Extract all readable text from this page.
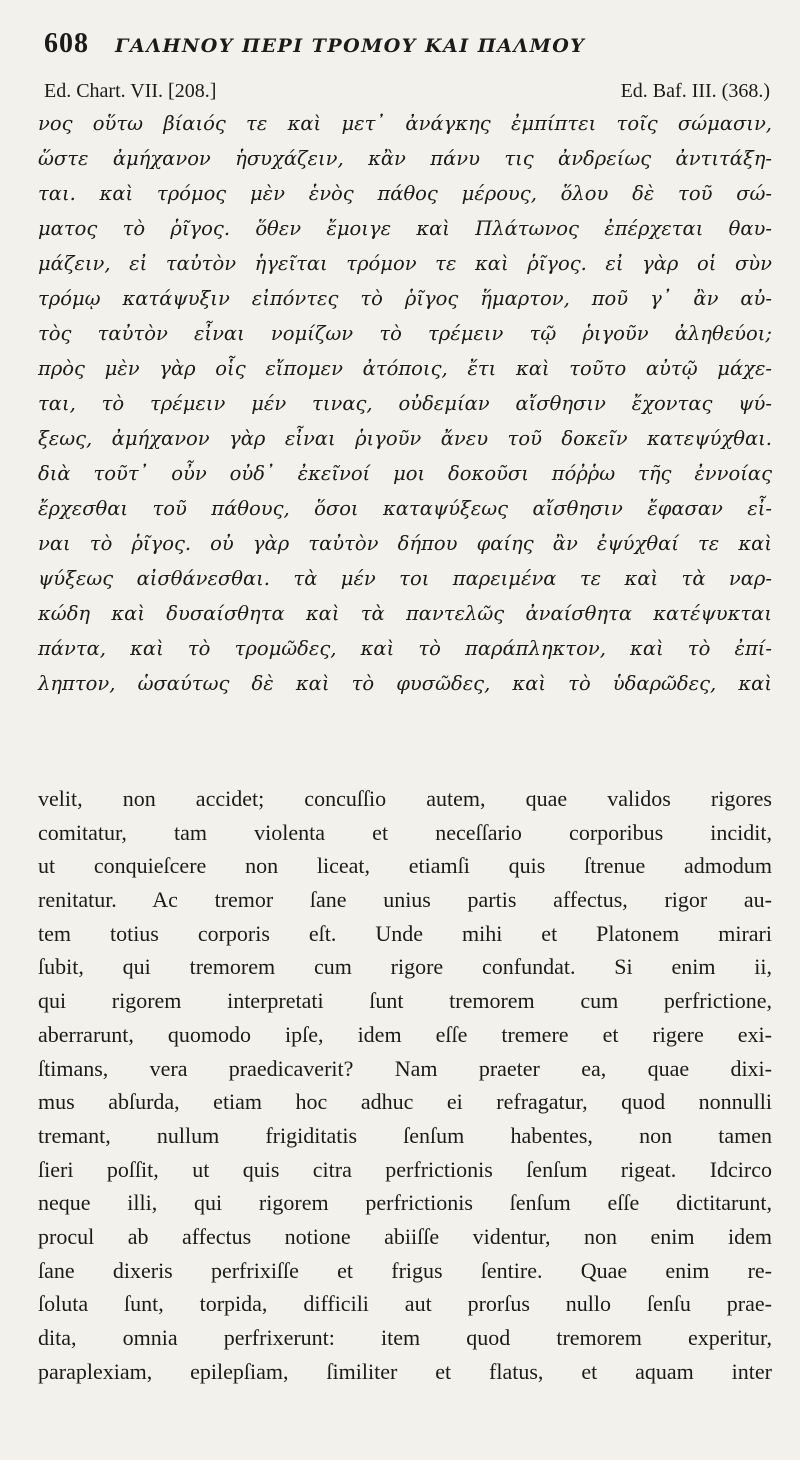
608 ΓΑΛΗΝΟΥ ΠΕΡΙ ΤΡΟΜΟΥ ΚΑΙ ΠΑΛΜΟΥ
Ed. Chart. VII. [208.]	Ed. Baf. III. (368.)
νος οὕτω βίαιός τε καὶ μετ᾽ ἀνάγκης ἐμπίπτει τοῖς σώμασιν,
ὥστε ἀμήχανον ἡσυχάζειν, κἂν πάνυ τις ἀνδρείως ἀντιτάξη-
ται. καὶ τρόμος μὲν ἑνὸς πάθος μέρους, ὅλου δὲ τοῦ σώ-
ματος τὸ ῥῖγος. ὅθεν ἔμοιγε καὶ Πλάτωνος ἐπέρχεται θαυ-
μάζειν, εἰ ταὐτὸν ἡγεῖται τρόμον τε καὶ ῥῖγος. εἰ γὰρ οἱ σὺν
τρόμῳ κατάψυξιν εἰπόντες τὸ ῥῖγος ἥμαρτον, ποῦ γ᾽ ἂν αὐ-
τὸς ταὐτὸν εἶναι νομίζων τὸ τρέμειν τῷ ῥιγοῦν ἀληθεύοι;
πρὸς μὲν γὰρ οἷς εἴπομεν ἀτόποις, ἔτι καὶ τοῦτο αὐτῷ μάχε-
ται, τὸ τρέμειν μέν τινας, οὐδεμίαν αἴσθησιν ἔχοντας ψύ-
ξεως, ἀμήχανον γὰρ εἶναι ῥιγοῦν ἄνευ τοῦ δοκεῖν κατεψύχθαι.
διὰ τοῦτ᾽ οὖν οὐδ᾽ ἐκεῖνοί μοι δοκοῦσι πόῤῥω τῆς ἐννοίας
ἔρχεσθαι τοῦ πάθους, ὅσοι καταψύξεως αἴσθησιν ἔφασαν εἶ-
ναι τὸ ῥῖγος. οὐ γὰρ ταὐτὸν δήπου φαίης ἂν ἐψύχθαί τε καὶ
ψύξεως αἰσθάνεσθαι. τὰ μέν τοι παρειμένα τε καὶ τὰ ναρ-
κώδη καὶ δυσαίσθητα καὶ τὰ παντελῶς ἀναίσθητα κατέψυκται
πάντα, καὶ τὸ τρομῶδες, καὶ τὸ παράπληκτον, καὶ τὸ ἐπί-
ληπτον, ὡσαύτως δὲ καὶ τὸ φυσῶδες, καὶ τὸ ὑδαρῶδες, καὶ
velit, non accidet; concuſſio autem, quae validos rigores
comitatur, tam violenta et neceſſario corporibus incidit,
ut conquieſcere non liceat, etiamſi quis ſtrenue admodum
renitatur. Ac tremor ſane unius partis affectus, rigor au-
tem totius corporis eſt. Unde mihi et Platonem mirari
ſubit, qui tremorem cum rigore confundat. Si enim ii,
qui rigorem interpretati ſunt tremorem cum perfrictione,
aberrarunt, quomodo ipſe, idem eſſe tremere et rigere exi-
ſtimans, vera praedicaverit? Nam praeter ea, quae dixi-
mus abſurda, etiam hoc adhuc ei refragatur, quod nonnulli
tremant, nullum frigiditatis ſenſum habentes, non tamen
ſieri poſſit, ut quis citra perfrictionis ſenſum rigeat. Idcirco
neque illi, qui rigorem perfrictionis ſenſum eſſe dictitarunt,
procul ab affectus notione abiiſſe videntur, non enim idem
ſane dixeris perfrixiſſe et frigus ſentire. Quae enim re-
ſoluta ſunt, torpida, difficili aut prorſus nullo ſenſu prae-
dita, omnia perfrixerunt: item quod tremorem experitur,
paraplexiam, epilepſiam, ſimiliter et flatus, et aquam inter
